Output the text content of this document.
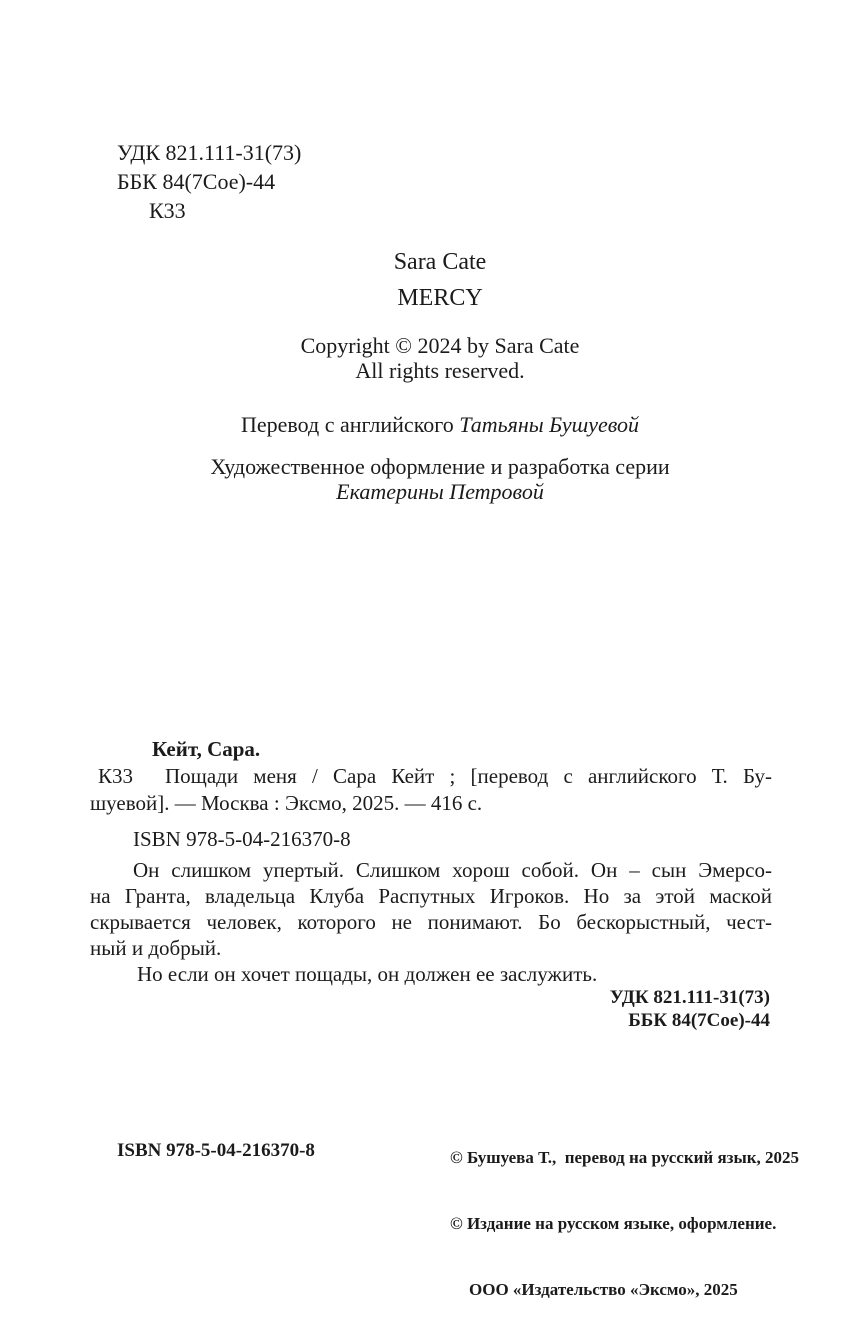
УДК 821.111-31(73)
ББК 84(7Сое)-44
К33
Sara Cate
MERCY
Copyright © 2024 by Sara Cate
All rights reserved.
Перевод с английского Татьяны Бушуевой
Художественное оформление и разработка серии
Екатерины Петровой
Кейт, Сара.
К33 Пощади меня / Сара Кейт ; [перевод с английского Т. Бу-
шуевой]. — Москва : Эксмо, 2025. — 416 с.
ISBN 978-5-04-216370-8
Он слишком упертый. Слишком хорош собой. Он – сын Эмерсо-
на Гранта, владельца Клуба Распутных Игроков. Но за этой маской
скрывается человек, которого не понимают. Бо бескорыстный, чест-
ный и добрый.
Но если он хочет пощады, он должен ее заслужить.
УДК 821.111-31(73)
ББК 84(7Сое)-44

© Бушуева Т.,  перевод на русский язык, 2025

© Издание на русском языке, оформление.

ООО «Издательство «Эксмо», 2025

ISBN 978-5-04-216370-8
